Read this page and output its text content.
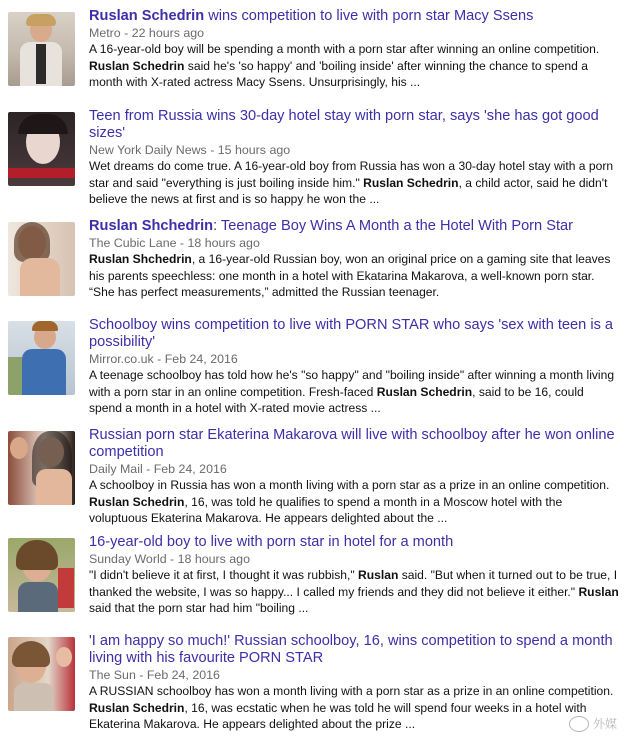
Ruslan Schedrin wins competition to live with porn star Macy Ssens
Metro - 22 hours ago
A 16-year-old boy will be spending a month with a porn star after winning an online competition. Ruslan Schedrin said he's 'so happy' and 'boiling inside' after winning the chance to spend a month with X-rated actress Macy Ssens. Unsurprisingly, his ...
Teen from Russia wins 30-day hotel stay with porn star, says 'she has got good sizes'
New York Daily News - 15 hours ago
Wet dreams do come true. A 16-year-old boy from Russia has won a 30-day hotel stay with a porn star and said "everything is just boiling inside him." Ruslan Schedrin, a child actor, said he didn't believe the news at first and is so happy he won the ...
Ruslan Shchedrin: Teenage Boy Wins A Month a the Hotel With Porn Star
The Cubic Lane - 18 hours ago
Ruslan Shchedrin, a 16-year-old Russian boy, won an original price on a gaming site that leaves his parents speechless: one month in a hotel with Ekatarina Makarova, a well-known porn star. “She has perfect measurements,” admitted the Russian teenager.
Schoolboy wins competition to live with PORN STAR who says 'sex with teen is a possibility'
Mirror.co.uk - Feb 24, 2016
A teenage schoolboy has told how he's "so happy" and "boiling inside" after winning a month living with a porn star in an online competition. Fresh-faced Ruslan Schedrin, said to be 16, could spend a month in a hotel with X-rated movie actress ...
Russian porn star Ekaterina Makarova will live with schoolboy after he won online competition
Daily Mail - Feb 24, 2016
A schoolboy in Russia has won a month living with a porn star as a prize in an online competition. Ruslan Schedrin, 16, was told he qualifies to spend a month in a Moscow hotel with the voluptuous Ekaterina Makarova. He appears delighted about the ...
16-year-old boy to live with porn star in hotel for a month
Sunday World - 18 hours ago
"I didn't believe it at first, I thought it was rubbish," Ruslan said. "But when it turned out to be true, I thanked the website, I was so happy... I called my friends and they did not believe it either." Ruslan said that the porn star had him "boiling ...
'I am happy so much!' Russian schoolboy, 16, wins competition to spend a month living with his favourite PORN STAR
The Sun - Feb 24, 2016
A RUSSIAN schoolboy has won a month living with a porn star as a prize in an online competition. Ruslan Schedrin, 16, was ecstatic when he was told he will spend four weeks in a hotel with Ekaterina Makarova. He appears delighted about the prize ...	外媒
